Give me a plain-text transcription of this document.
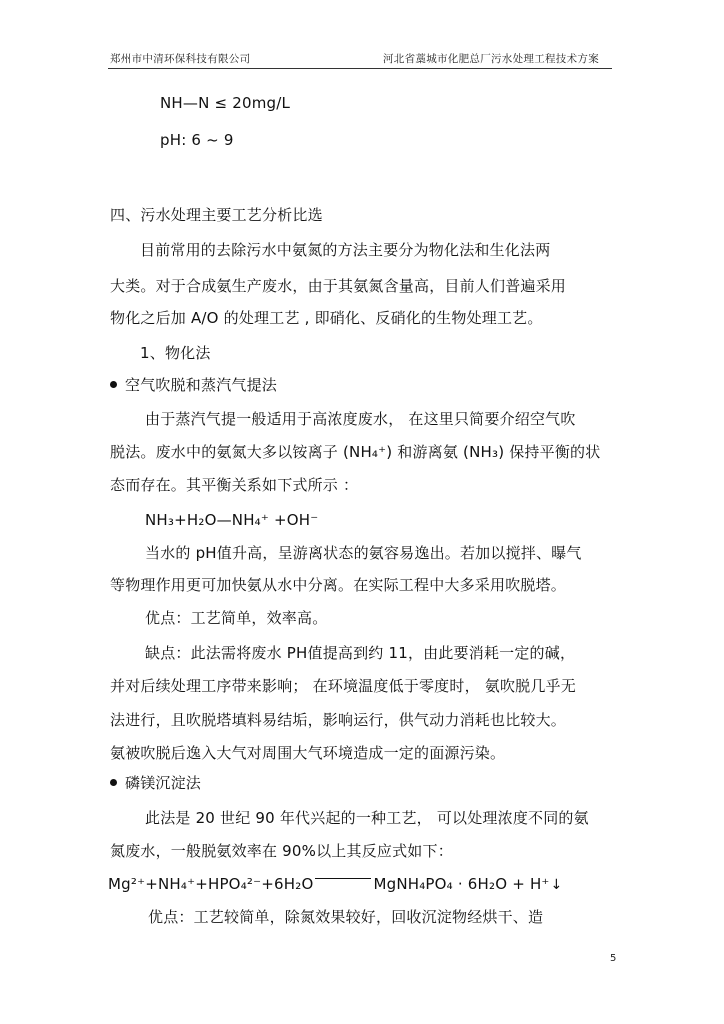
郑州市中清环保科技有限公司	河北省藁城市化肥总厂污水处理工程技术方案
NH—N ≤ 20mg/L
pH: 6 ~ 9
四、污水处理主要工艺分析比选
目前常用的去除污水中氨氮的方法主要分为物化法和生化法两
大类。对于合成氨生产废水，由于其氨氮含量高，目前人们普遍采用
物化之后加 A/O 的处理工艺 , 即硝化、反硝化的生物处理工艺。
1、物化法
空气吹脱和蒸汽气提法
由于蒸汽气提一般适用于高浓度废水， 在这里只简要介绍空气吹
脱法。废水中的氨氮大多以铵离子 (NH₄⁺) 和游离氨 (NH₃) 保持平衡的状
态而存在。其平衡关系如下式所示 ：
NH₃+H₂O—NH₄⁺ +OH⁻
当水的 pH值升高，呈游离状态的氨容易逸出。若加以搅拌、曝气
等物理作用更可加快氨从水中分离。在实际工程中大多采用吹脱塔。
优点：工艺简单，效率高。
缺点：此法需将废水 PH值提高到约 11，由此要消耗一定的碱，
并对后续处理工序带来影响； 在环境温度低于零度时， 氨吹脱几乎无
法进行，且吹脱塔填料易结垢，影响运行，供气动力消耗也比较大。
氨被吹脱后逸入大气对周围大气环境造成一定的面源污染。
磷镁沉淀法
此法是 20 世纪 90 年代兴起的一种工艺， 可以处理浓度不同的氨
氮废水，一般脱氨效率在 90%以上其反应式如下：
Mg²⁺+NH₄⁺+HPO₄²⁻+6H₂O	MgNH₄PO₄ · 6H₂O + H⁺↓
优点：工艺较简单，除氮效果较好，回收沉淀物经烘干、造
5
